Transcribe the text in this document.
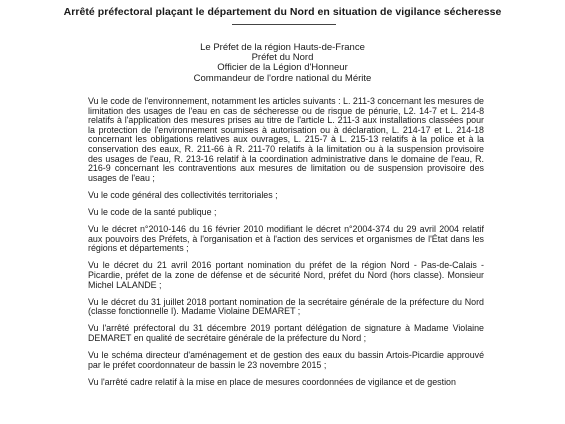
Arrêté préfectoral plaçant le département du Nord en situation de vigilance sécheresse
Le Préfet de la région Hauts-de-France
Préfet du Nord
Officier de la Légion d'Honneur
Commandeur de l'ordre national du Mérite

Vu le code de l'environnement, notamment les articles suivants : L. 211-3 concernant les mesures de limitation des usages de l'eau en cas de sécheresse ou de risque de pénurie, L2. 14-7 et L. 214-8 relatifs à l'application des mesures prises au titre de l'article L. 211-3 aux installations classées pour la protection de l'environnement soumises à autorisation ou à déclaration, L. 214-17 et L. 214-18 concernant les obligations relatives aux ouvrages, L. 215-7 à L. 215-13 relatifs à la police et à la conservation des eaux, R. 211-66 à R. 211-70 relatifs à la limitation ou à la suspension provisoire des usages de l'eau, R. 213-16 relatif à la coordination administrative dans le domaine de l'eau, R. 216-9 concernant les contraventions aux mesures de limitation ou de suspension provisoire des usages de l'eau ;

Vu le code général des collectivités territoriales ;

Vu le code de la santé publique ;

Vu le décret n°2010-146 du 16 février 2010 modifiant le décret n°2004-374 du 29 avril 2004 relatif aux pouvoirs des Préfets, à l'organisation et à l'action des services et organismes de l'État dans les régions et départements ;

Vu le décret du 21 avril 2016 portant nomination du préfet de la région Nord - Pas-de-Calais - Picardie, préfet de la zone de défense et de sécurité Nord, préfet du Nord (hors classe). Monsieur Michel LALANDE ;

Vu le décret du 31 juillet 2018 portant nomination de la secrétaire générale de la préfecture du Nord (classe fonctionnelle I). Madame Violaine DEMARET ;

Vu l'arrêté préfectoral du 31 décembre 2019 portant délégation de signature à Madame Violaine DEMARET en qualité de secrétaire générale de la préfecture du Nord ;

Vu le schéma directeur d'aménagement et de gestion des eaux du bassin Artois-Picardie approuvé par le préfet coordonnateur de bassin le 23 novembre 2015 ;

Vu l'arrêté cadre relatif à la mise en place de mesures coordonnées de vigilance et de gestion
